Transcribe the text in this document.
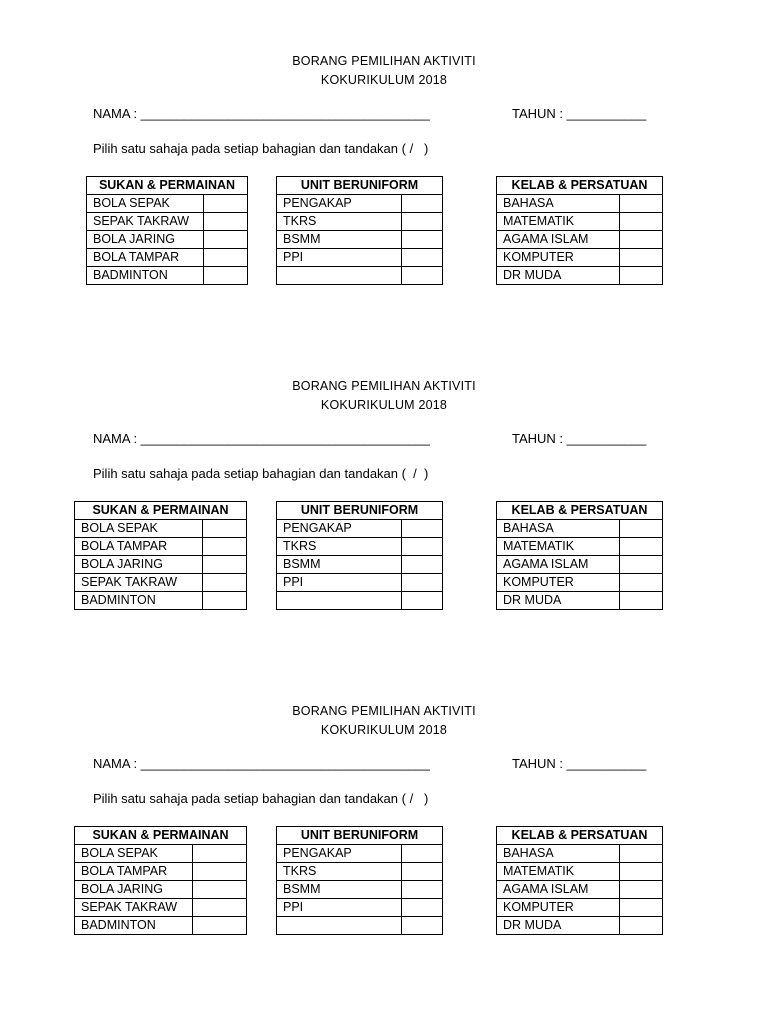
BORANG PEMILIHAN AKTIVITI
KOKURIKULUM 2018
NAMA : ________________________________________	TAHUN : ___________
Pilih satu sahaja pada setiap bahagian dan tandakan ( /   )
SUKAN & PERMAINAN	
BOLA SEPAK	
SEPAK TAKRAW	
BOLA JARING	
BOLA TAMPAR	
BADMINTON	
UNIT BERUNIFORM	
PENGAKAP	
TKRS	
BSMM	
PPI	

KELAB & PERSATUAN	
BAHASA	
MATEMATIK	
AGAMA ISLAM	
KOMPUTER	
DR MUDA	
BORANG PEMILIHAN AKTIVITI
KOKURIKULUM 2018
NAMA : ________________________________________	TAHUN : ___________
Pilih satu sahaja pada setiap bahagian dan tandakan (  /  )
SUKAN & PERMAINAN	
BOLA SEPAK	
BOLA TAMPAR	
BOLA JARING	
SEPAK TAKRAW	
BADMINTON	
UNIT BERUNIFORM	
PENGAKAP	
TKRS	
BSMM	
PPI	

KELAB & PERSATUAN	
BAHASA	
MATEMATIK	
AGAMA ISLAM	
KOMPUTER	
DR MUDA	
BORANG PEMILIHAN AKTIVITI
KOKURIKULUM 2018
NAMA : ________________________________________	TAHUN : ___________
Pilih satu sahaja pada setiap bahagian dan tandakan ( /   )
SUKAN & PERMAINAN	
BOLA SEPAK	
BOLA TAMPAR	
BOLA JARING	
SEPAK TAKRAW	
BADMINTON	
UNIT BERUNIFORM	
PENGAKAP	
TKRS	
BSMM	
PPI	

KELAB & PERSATUAN	
BAHASA	
MATEMATIK	
AGAMA ISLAM	
KOMPUTER	
DR MUDA	
